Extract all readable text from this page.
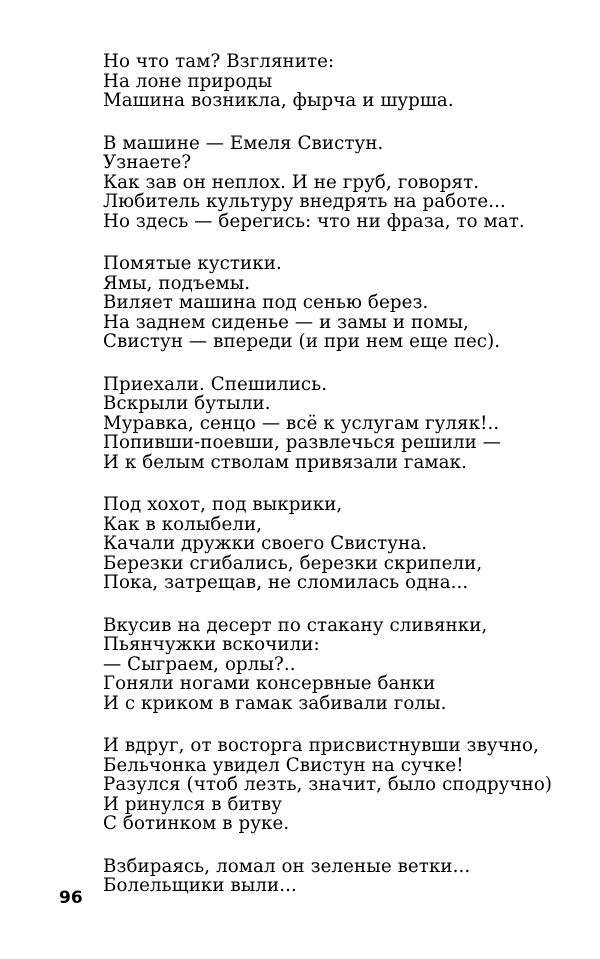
Но что там? Взгляните:
На лоне природы
Машина возникла, фырча и шурша.
В машине — Емеля Свистун.
Узнаете?
Как зав он неплох. И не груб, говорят.
Любитель культуру внедрять на работе...
Но здесь — берегись: что ни фраза, то мат.
Помятые кустики.
Ямы, подъемы.
Виляет машина под сенью берез.
На заднем сиденье — и замы и помы,
Свистун — впереди (и при нем еще пес).
Приехали. Спешились.
Вскрыли бутыли.
Муравка, сенцо — всё к услугам гуляк!..
Попивши-поевши, развлечься решили —
И к белым стволам привязали гамак.
Под хохот, под выкрики,
Как в колыбели,
Качали дружки своего Свистуна.
Березки сгибались, березки скрипели,
Пока, затрещав, не сломилась одна...
Вкусив на десерт по стакану сливянки,
Пьянчужки вскочили:
— Сыграем, орлы?..
Гоняли ногами консервные банки
И с криком в гамак забивали голы.
И вдруг, от восторга присвистнувши звучно,
Бельчонка увидел Свистун на сучке!
Разулся (чтоб лезть, значит, было сподручно)
И ринулся в битву
С ботинком в руке.
Взбираясь, ломал он зеленые ветки...
Болельщики выли...
96
